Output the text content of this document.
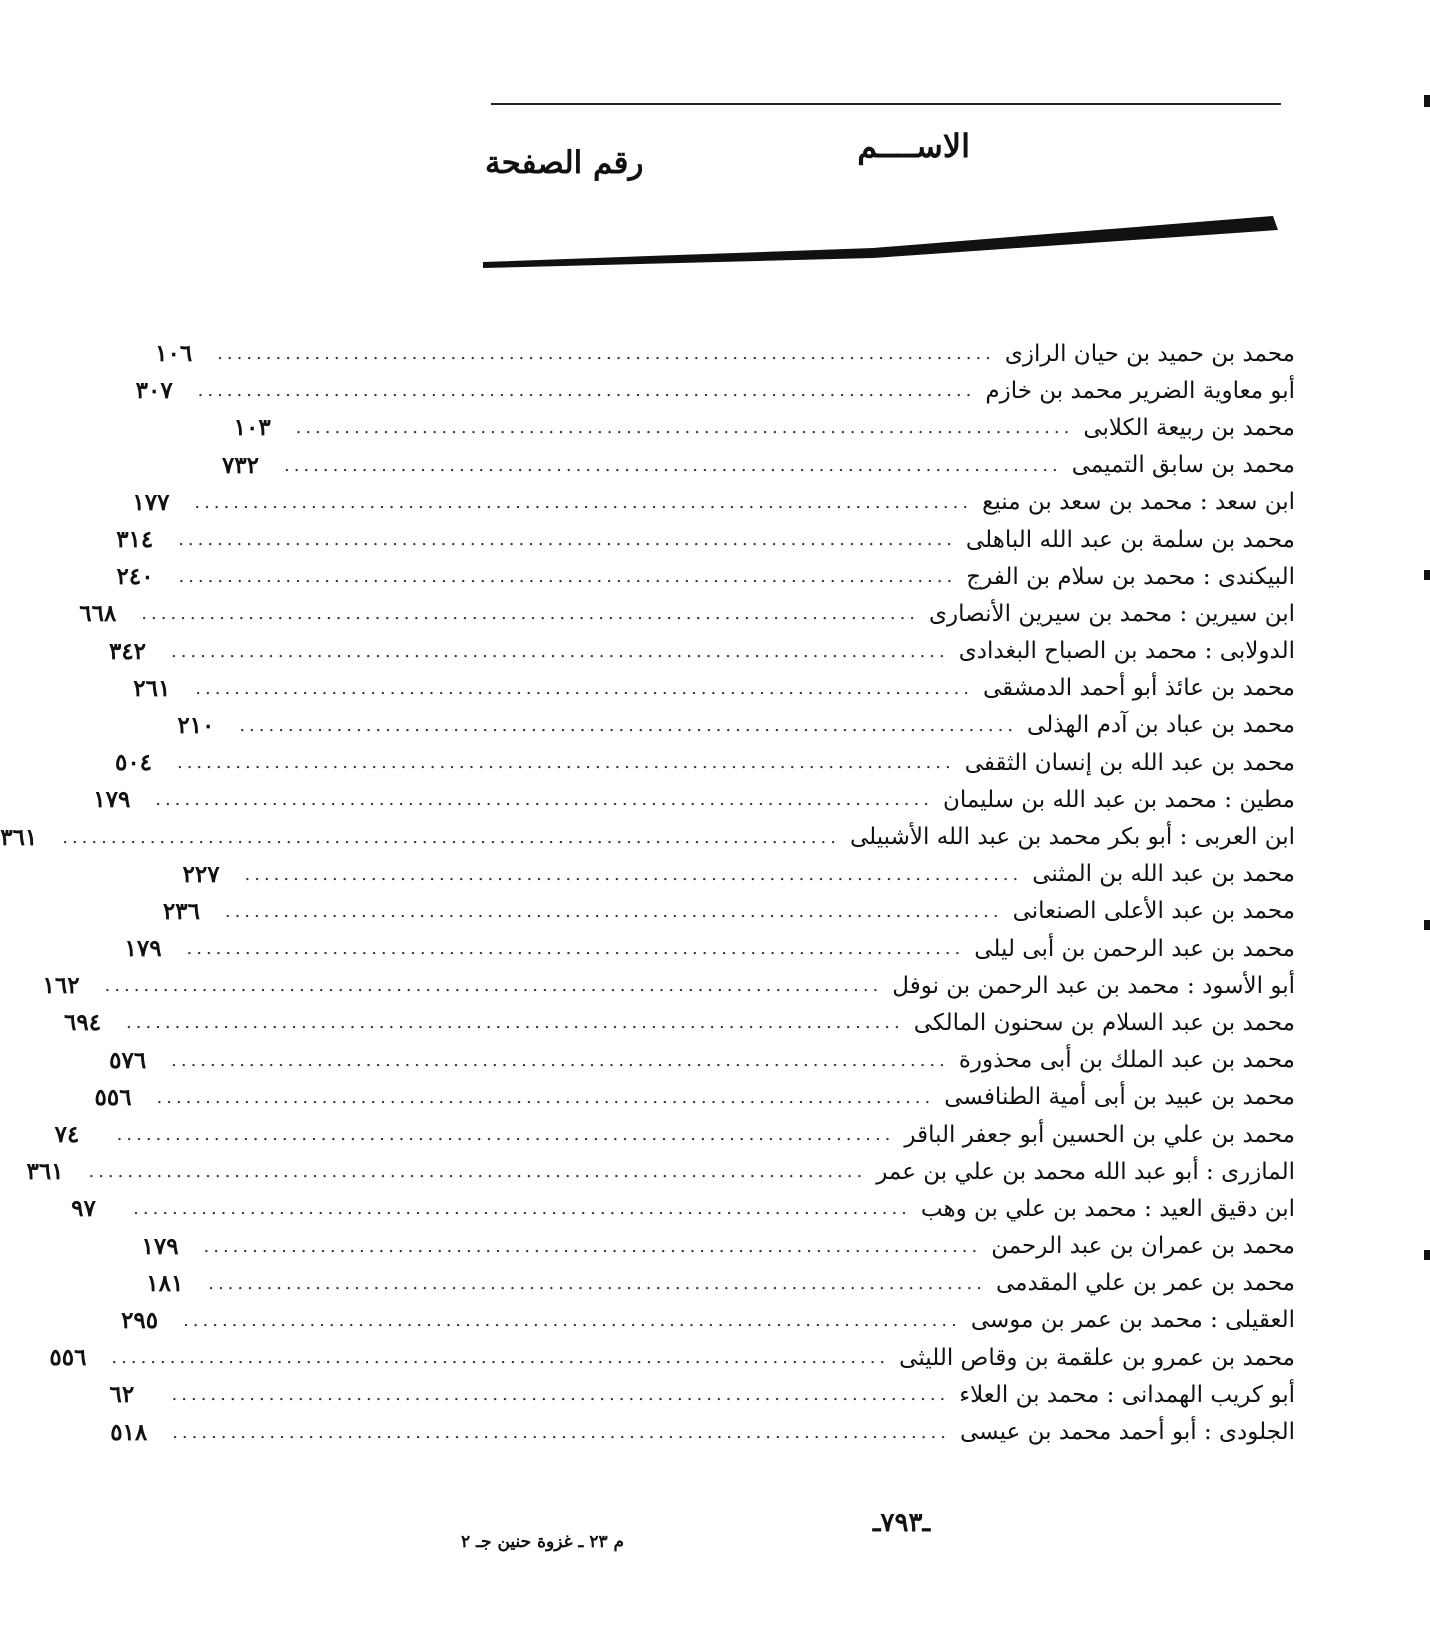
الاســــم
رقم الصفحة
محمد بن حميد بن حيان الرازى
................................................................................
١٠٦
أبو معاوية الضرير محمد بن خازم
................................................................................
٣٠٧
محمد بن ربيعة الكلابى
................................................................................
١٠٣
محمد بن سابق التميمى
................................................................................
٧٣٢
ابن سعد : محمد بن سعد بن منيع
................................................................................
١٧٧
محمد بن سلمة بن عبد الله الباهلى
................................................................................
٣١٤
البيكندى : محمد بن سلام بن الفرج
................................................................................
٢٤٠
ابن سيرين : محمد بن سيرين الأنصارى
................................................................................
٦٦٨
الدولابى : محمد بن الصباح البغدادى
................................................................................
٣٤٢
محمد بن عائذ أبو أحمد الدمشقى
................................................................................
٢٦١
محمد بن عباد بن آدم الهذلى
................................................................................
٢١٠
محمد بن عبد الله بن إنسان الثقفى
................................................................................
٥٠٤
مطين : محمد بن عبد الله بن سليمان
................................................................................
١٧٩
ابن العربى : أبو بكر محمد بن عبد الله الأشبيلى
................................................................................
٣٦١
محمد بن عبد الله بن المثنى
................................................................................
٢٢٧
محمد بن عبد الأعلى الصنعانى
................................................................................
٢٣٦
محمد بن عبد الرحمن بن أبى ليلى
................................................................................
١٧٩
أبو الأسود : محمد بن عبد الرحمن بن نوفل
................................................................................
١٦٢
محمد بن عبد السلام بن سحنون المالكى
................................................................................
٦٩٤
محمد بن عبد الملك بن أبى محذورة
................................................................................
٥٧٦
محمد بن عبيد بن أبى أمية الطنافسى
................................................................................
٥٥٦
محمد بن علي بن الحسين أبو جعفر الباقر
................................................................................
٧٤
المازرى : أبو عبد الله محمد بن علي بن عمر
................................................................................
٣٦١
ابن دقيق العيد : محمد بن علي بن وهب
................................................................................
٩٧
محمد بن عمران بن عبد الرحمن
................................................................................
١٧٩
محمد بن عمر بن علي المقدمى
................................................................................
١٨١
العقيلى : محمد بن عمر بن موسى
................................................................................
٢٩٥
محمد بن عمرو بن علقمة بن وقاص الليثى
................................................................................
٥٥٦
أبو كريب الهمدانى : محمد بن العلاء
................................................................................
٦٢
الجلودى : أبو أحمد محمد بن عيسى
................................................................................
٥١٨
ـ٧٩٣ـ
م ٢٣ ـ غزوة حنين جـ ٢
